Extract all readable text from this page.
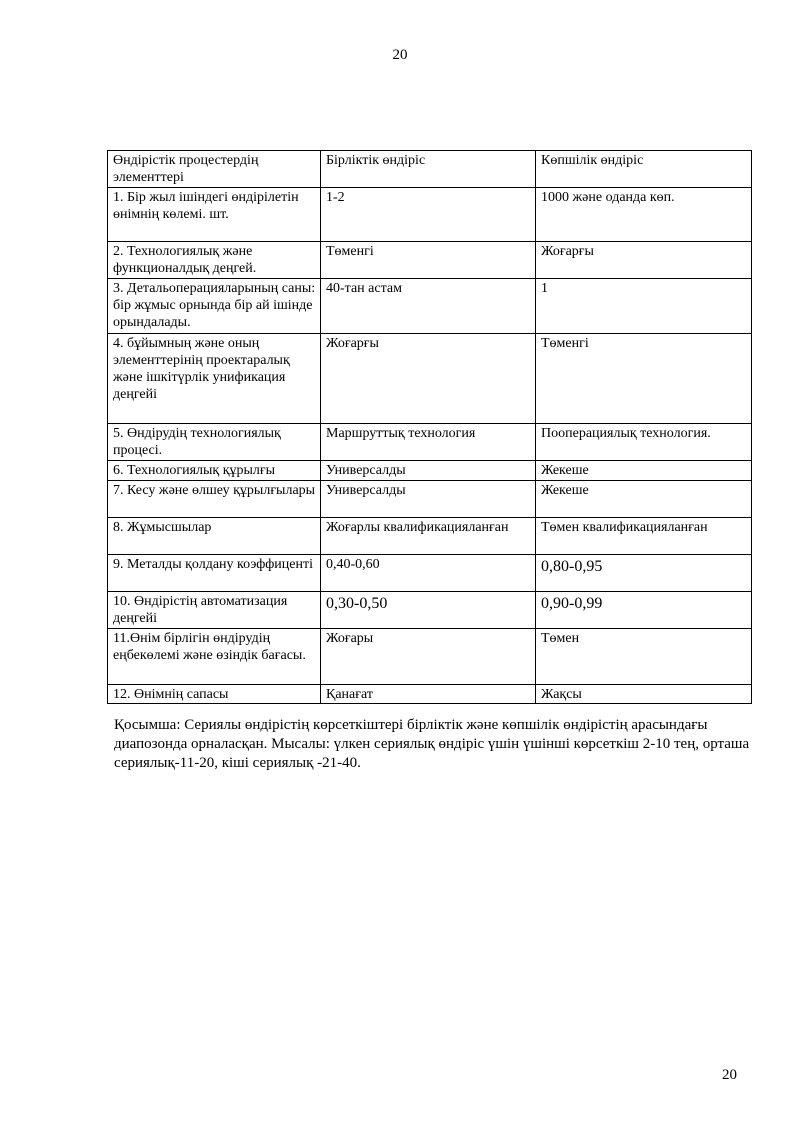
20
Өндірістік процестердің элементтері	Бірліктік өндіріс	Көпшілік өндіріс
1. Бір жыл ішіндегі өндірілетін өнімнің көлемі. шт.	1-2	1000 және оданда көп.
2. Технологиялық және функционалдық деңгей.	Төменгі	Жоғарғы
3. Детальоперацияларының саны: бір жұмыс орнында бір ай ішінде орындалады.	40-тан астам	1
4. бұйымның және оның элементтерінің проектаралық және ішкітүрлік унификация деңгейі	Жоғарғы	Төменгі
5. Өндірудің технологиялық процесі.	Маршруттық технология	Пооперациялық технология.
6. Технологиялық құрылғы	Универсалды	Жекеше
7. Кесу және өлшеу құрылғылары	Универсалды	Жекеше
8. Жұмысшылар	Жоғарлы квалификацияланған	Төмен квалификацияланған
9. Металды қолдану коэффиценті	0,40-0,60	0,80-0,95
10. Өндірістің автоматизация деңгейі	0,30-0,50	0,90-0,99
11.Өнім бірлігін өндірудің еңбекөлемі және өзіндік бағасы.	Жоғары	Төмен
12. Өнімнің сапасы	Қанағат	Жақсы
Қосымша: Сериялы өндірістің көрсеткіштері бірліктік және көпшілік өндірістің арасындағы диапозонда орналасқан. Мысалы: үлкен сериялық өндіріс үшін үшінші көрсеткіш 2-10 тең, орташа сериялық-11-20, кіші сериялық -21-40.
20
